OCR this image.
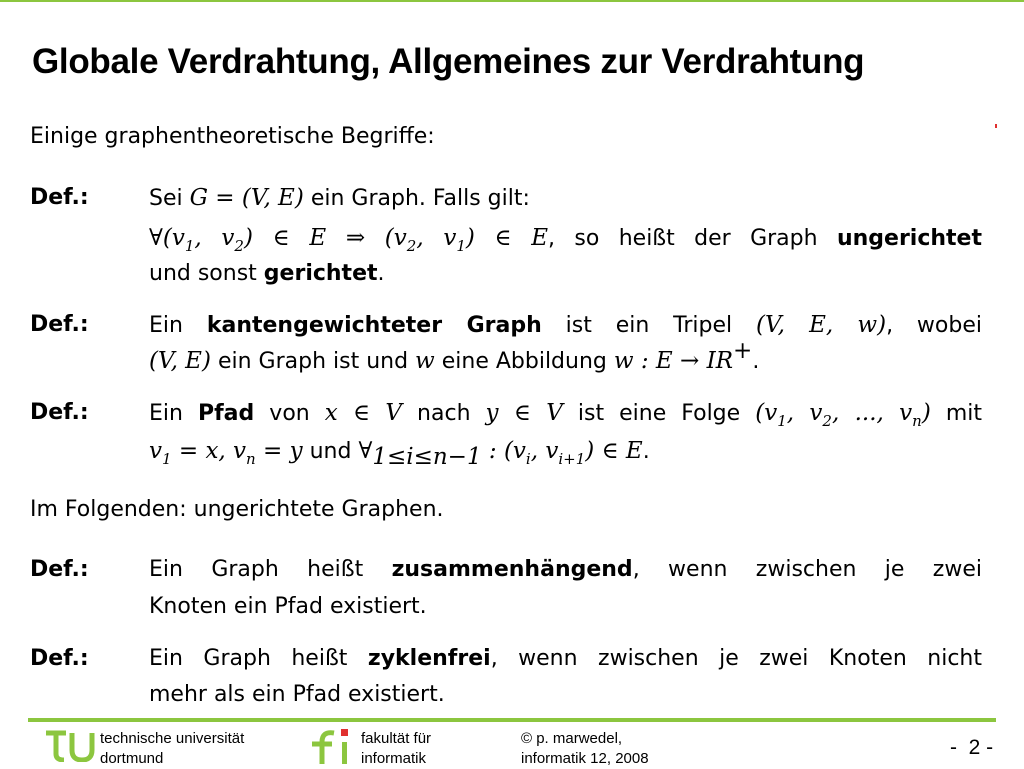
Globale Verdrahtung, Allgemeines zur Verdrahtung
Einige graphentheoretische Begriffe:
Def.:	Sei G = (V, E) ein Graph. Falls gilt:
$\forall(v_1$, $v_2$) ∈ E ⇒ ($v_2$, $v_1$) ∈ E, so heißt der Graph ungerichtet
und sonst gerichtet.
Def.:	Ein kantengewichteter Graph ist ein Tripel (V, E, w), wobei
(V, E) ein Graph ist und w eine Abbildung w : E → IR+.
Def.:	Ein Pfad von x ∈ V nach y ∈ V ist eine Folge ($v_1$, $v_2$, ..., $v_n$) mit
$v_1 = x$, $v_n = y$ und $\forall_{1\le i\le n-1}$ : ($v_i$, $v_{i+1}$) ∈ E.
Im Folgenden: ungerichtete Graphen.
Def.:	Ein Graph heißt zusammenhängend, wenn zwischen je zwei
Knoten ein Pfad existiert.
Def.:	Ein Graph heißt zyklenfrei, wenn zwischen je zwei Knoten nicht
mehr als ein Pfad existiert.
technische universität
dortmund
fakultät für
informatik
© p. marwedel,
informatik 12, 2008	-  2 -
